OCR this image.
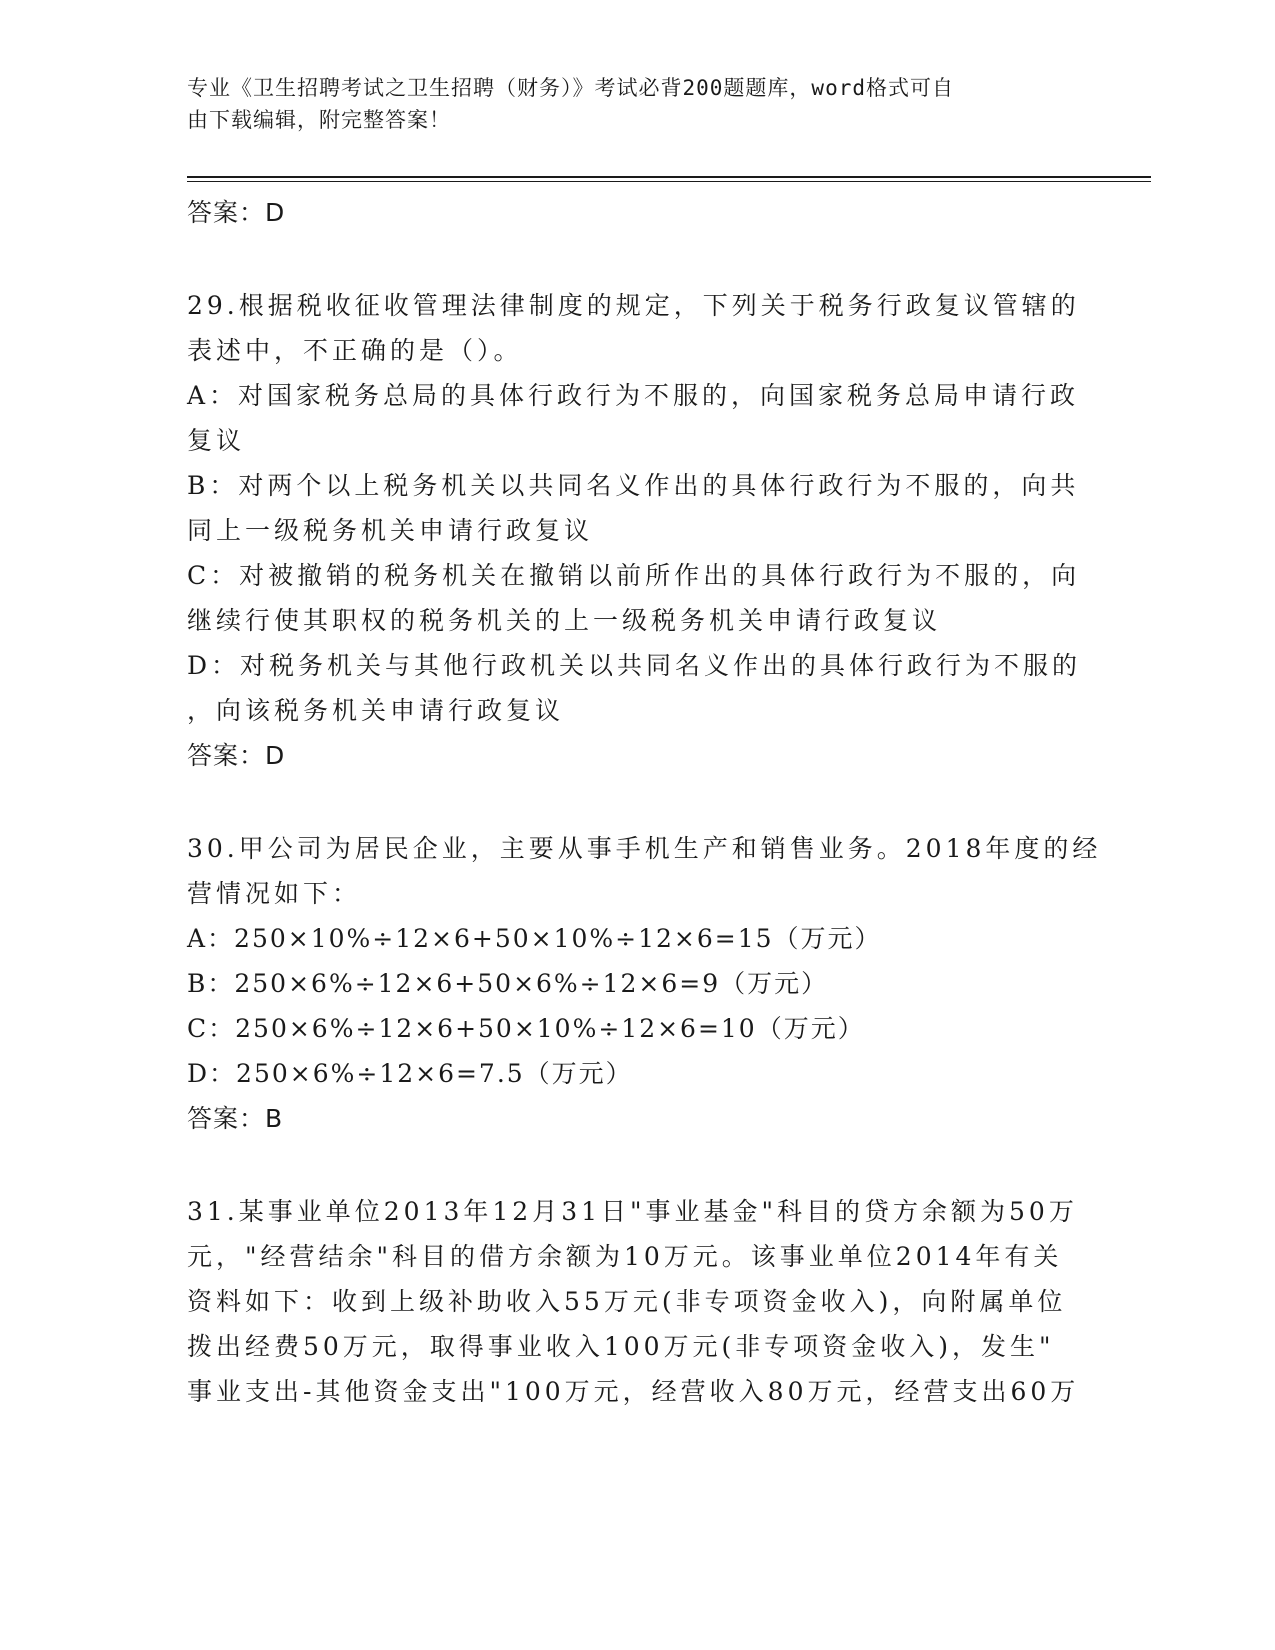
专业《卫生招聘考试之卫生招聘（财务）》考试必背200题题库，word格式可自
由下载编辑，附完整答案！
答案：D
29.根据税收征收管理法律制度的规定，下列关于税务行政复议管辖的
表述中，不正确的是（）。
A：对国家税务总局的具体行政行为不服的，向国家税务总局申请行政
复议
B：对两个以上税务机关以共同名义作出的具体行政行为不服的，向共
同上一级税务机关申请行政复议
C：对被撤销的税务机关在撤销以前所作出的具体行政行为不服的，向
继续行使其职权的税务机关的上一级税务机关申请行政复议
D：对税务机关与其他行政机关以共同名义作出的具体行政行为不服的
，向该税务机关申请行政复议
答案：D
30.甲公司为居民企业，主要从事手机生产和销售业务。2018年度的经
营情况如下：
A：250×10%÷12×6+50×10%÷12×6=15（万元）
B：250×6%÷12×6+50×6%÷12×6=9（万元）
C：250×6%÷12×6+50×10%÷12×6=10（万元）
D：250×6%÷12×6=7.5（万元）
答案：B
31.某事业单位2013年12月31日"事业基金"科目的贷方余额为50万
元，"经营结余"科目的借方余额为10万元。该事业单位2014年有关
资料如下：收到上级补助收入55万元(非专项资金收入)，向附属单位
拨出经费50万元，取得事业收入100万元(非专项资金收入)，发生"
事业支出-其他资金支出"100万元，经营收入80万元，经营支出60万
